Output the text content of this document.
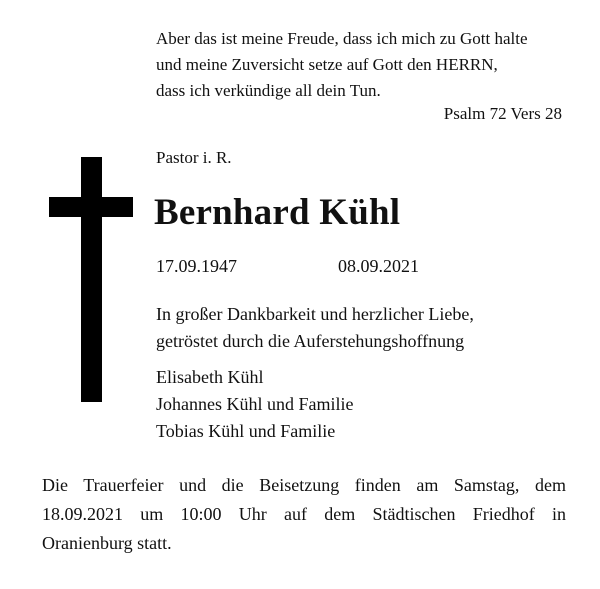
Aber das ist meine Freude, dass ich mich zu Gott halte
und meine Zuversicht setze auf Gott den HERRN,
dass ich verkündige all dein Tun.
Psalm 72 Vers 28
Pastor i. R.
Bernhard Kühl
17.09.1947	08.09.2021
In großer Dankbarkeit und herzlicher Liebe,
getröstet durch die Auferstehungshoffnung
Elisabeth Kühl
Johannes Kühl und Familie
Tobias Kühl und Familie
Die Trauerfeier und die Beisetzung finden am Samstag, dem
18.09.2021 um 10:00 Uhr auf dem Städtischen Friedhof in
Oranienburg statt.
